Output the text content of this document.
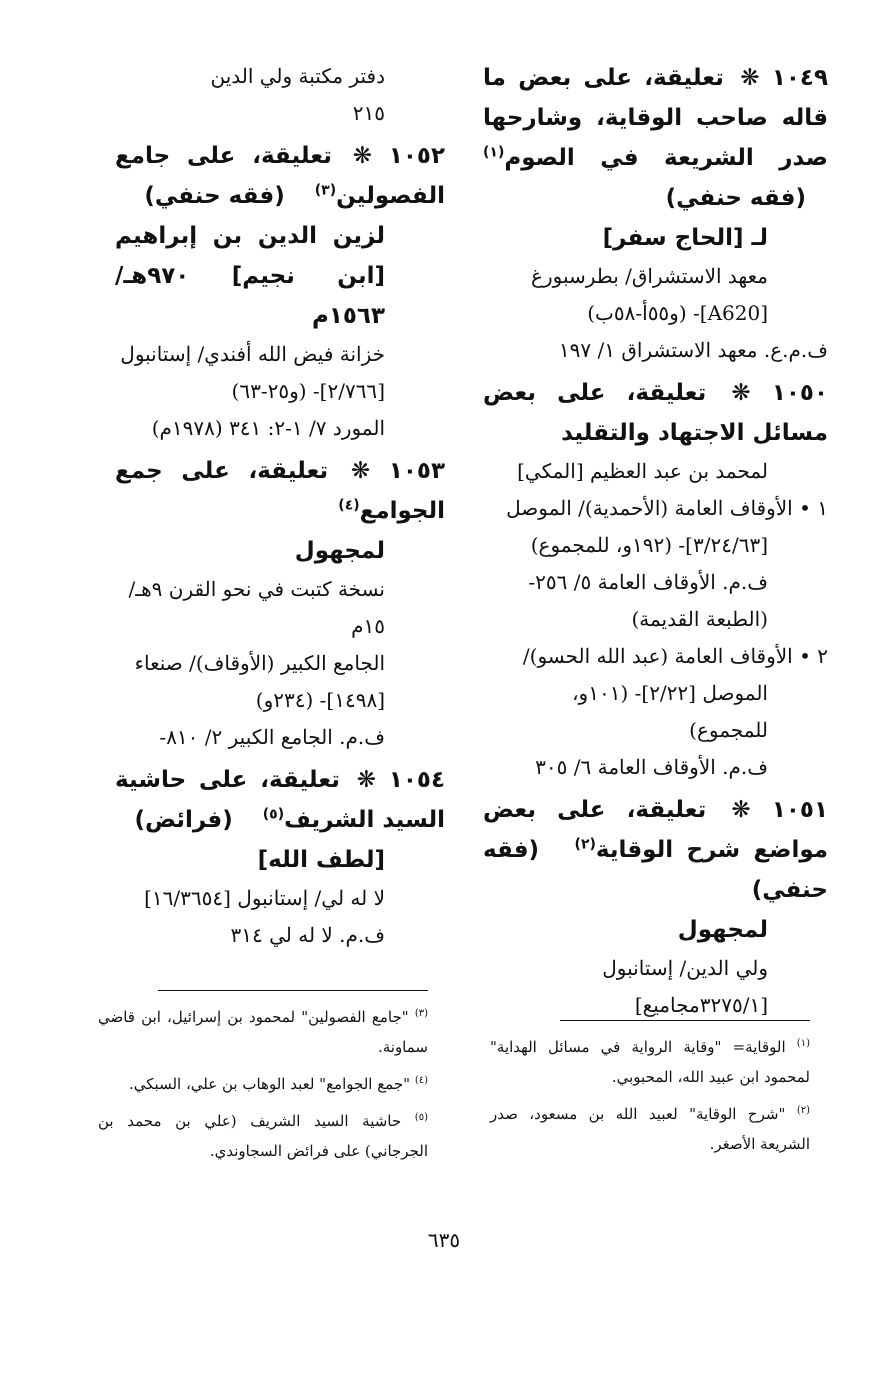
١٠٤٩ ❋ تعليقة، على بعض ما قاله صاحب الوقاية، وشارحها صدر الشريعة في الصوم$^{(١)}$ (فقه حنفي)
لـ [الحاج سفر]
معهد الاستشراق/ بطرسبورغ
[A620]- (و٥٥أ-٥٨ب)
ف.م.ع. معهد الاستشراق ١/ ١٩٧
١٠٥٠ ❋ تعليقة، على بعض مسائل الاجتهاد والتقليد
لمحمد بن عبد العظيم [المكي]
١ • الأوقاف العامة (الأحمدية)/ الموصل
[٣/٢٤/٦٣]- (١٩٢و، للمجموع)
ف.م. الأوقاف العامة ٥/ ٢٥٦-
(الطبعة القديمة)
٢ • الأوقاف العامة (عبد الله الحسو)/
الموصل [٢/٢٢]- (١٠١و،
للمجموع)
ف.م. الأوقاف العامة ٦/ ٣٠٥
١٠٥١ ❋ تعليقة، على بعض مواضع شرح الوقاية$^{(٢)}$ (فقه حنفي)
لمجهول
ولي الدين/ إستانبول
[٣٢٧٥/١مجاميع]
دفتر مكتبة ولي الدين
٢١٥
١٠٥٢ ❋ تعليقة، على جامع الفصولين$^{(٣)}$ (فقه حنفي)
لزين الدين بن إبراهيم [ابن نجيم] ٩٧٠هـ/ ١٥٦٣م
خزانة فيض الله أفندي/ إستانبول
[٢/٧٦٦]- (و٢٥-٦٣)
المورد ٧/ ١-٢: ٣٤١ (١٩٧٨م)
١٠٥٣ ❋ تعليقة، على جمع الجوامع$^{(٤)}$
لمجهول
نسخة كتبت في نحو القرن ٩هـ/
١٥م
الجامع الكبير (الأوقاف)/ صنعاء
[١٤٩٨]- (٢٣٤و)
ف.م. الجامع الكبير ٢/ ٨١٠-
١٠٥٤ ❋ تعليقة، على حاشية السيد الشريف$^{(٥)}$ (فرائض)
[لطف الله]
لا له لي/ إستانبول [١٦/٣٦٥٤]
ف.م. لا له لي ٣١٤

$^{(١)}$ الوقاية= "وقاية الرواية في مسائل الهداية" لمحمود ابن عبيد الله، المحبوبي.

$^{(٢)}$ "شرح الوقاية" لعبيد الله بن مسعود، صدر الشريعة الأصغر.

$^{(٣)}$ "جامع الفصولين" لمحمود بن إسرائيل، ابن قاضي سماونة.

$^{(٤)}$ "جمع الجوامع" لعبد الوهاب بن علي، السبكي.

$^{(٥)}$ حاشية السيد الشريف (علي بن محمد بن الجرجاني) على فرائض السجاوندي.

٦٣٥
